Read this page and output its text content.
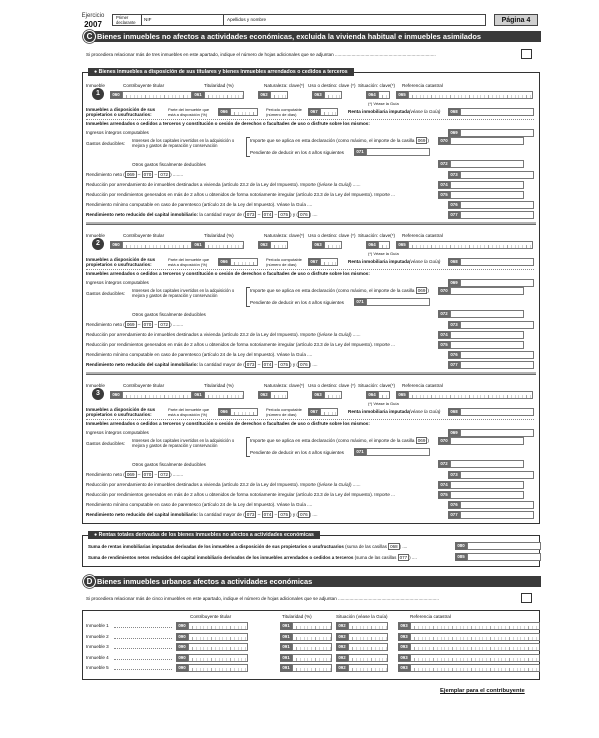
Ejercicio
2007
Primer declarante
NIF	Apellidos y nombre	Página 4
Bienes inmuebles no afectos a actividades económicas, excluida la vivienda habitual e inmuebles asimilados
C
Si procediera relacionar más de tres inmuebles en este apartado, indique el número de hojas adicionales que se adjuntan ...............................................................................
● Bienes inmuebles a disposición de sus titulares y bienes inmuebles arrendados o cedidos a terceros
Inmueble	Contribuyente titular	Titularidad (%)	Naturaleza: clave(*) Uso o destino: clave (*) Situación: clave(*) Referencia catastral
1	060	061	062	063	064	065
(*) Véase la Guía
Inmuebles a disposición de sus propietarios o usufructuarios:
Parte del inmueble que está a disposición (%)
066	Período computable (número de días)
067	Renta inmobiliaria imputada (véase la Guía)	068
Inmuebles arrendados o cedidos a terceros y constitución o cesión de derechos o facultades de uso o disfrute sobre los mismos:
Ingresos íntegros computables	069
Gastos deducibles:
Intereses de los capitales invertidos en la adquisición o mejora y gastos de reparación y conservación
Importe que se aplica en esta declaración (como máximo, el importe de la casilla 069 )	070
Pendiente de deducir en los 4 años siguientes	071
Otros gastos fiscalmente deducibles	072
Rendimiento neto ( 069 – 070 – 072 ) ........	073
Reducción por arrendamiento de inmuebles destinados a vivienda (artículo 23.2 de la Ley del Impuesto). Importe ((véase la Guía)) ......	074
Reducción por rendimientos generados en más de 2 años u obtenidos de forma notoriamente irregular (artículo 23.3 de la Ley del Impuesto). Importe ...	075
Rendimiento mínimo computable en caso de parentesco (artículo 24 de la Ley del Impuesto). Véase la Guía ....	076
Rendimiento neto reducido del capital inmobiliario: la cantidad mayor de ( 073 – 074 – 075 ) y ( 076 ) ....	077
Inmueble	Contribuyente titular	Titularidad (%)	Naturaleza: clave(*) Uso o destino: clave (*) Situación: clave(*) Referencia catastral
2	060	061	062	063	064	065
(*) Véase la Guía
Inmuebles a disposición de sus propietarios o usufructuarios:
Parte del inmueble que está a disposición (%)
066	Período computable (número de días)
067	Renta inmobiliaria imputada (véase la Guía)	068
Inmuebles arrendados o cedidos a terceros y constitución o cesión de derechos o facultades de uso o disfrute sobre los mismos:
Ingresos íntegros computables	069
Gastos deducibles:
Intereses de los capitales invertidos en la adquisición o mejora y gastos de reparación y conservación
Importe que se aplica en esta declaración (como máximo, el importe de la casilla 069 )	070
Pendiente de deducir en los 4 años siguientes	071
Otros gastos fiscalmente deducibles	072
Rendimiento neto ( 069 – 070 – 072 ) ........	073
Reducción por arrendamiento de inmuebles destinados a vivienda (artículo 23.2 de la Ley del Impuesto). Importe ((véase la Guía)) ......	074
Reducción por rendimientos generados en más de 2 años u obtenidos de forma notoriamente irregular (artículo 23.3 de la Ley del Impuesto). Importe ...	075
Rendimiento mínimo computable en caso de parentesco (artículo 24 de la Ley del Impuesto). Véase la Guía ....	076
Rendimiento neto reducido del capital inmobiliario: la cantidad mayor de ( 073 – 074 – 075 ) y ( 076 ) ....	077
Inmueble	Contribuyente titular	Titularidad (%)	Naturaleza: clave(*) Uso o destino: clave (*) Situación: clave(*) Referencia catastral
3	060	061	062	063	064	065
(*) Véase la Guía
Inmuebles a disposición de sus propietarios o usufructuarios:
Parte del inmueble que está a disposición (%)
066	Período computable (número de días)
067	Renta inmobiliaria imputada (véase la Guía)	068
Inmuebles arrendados o cedidos a terceros y constitución o cesión de derechos o facultades de uso o disfrute sobre los mismos:
Ingresos íntegros computables	069
Gastos deducibles:
Intereses de los capitales invertidos en la adquisición o mejora y gastos de reparación y conservación
Importe que se aplica en esta declaración (como máximo, el importe de la casilla 069 )	070
Pendiente de deducir en los 4 años siguientes	071
Otros gastos fiscalmente deducibles	072
Rendimiento neto ( 069 – 070 – 072 ) ........	073
Reducción por arrendamiento de inmuebles destinados a vivienda (artículo 23.2 de la Ley del Impuesto). Importe ((véase la Guía)) ......	074
Reducción por rendimientos generados en más de 2 años u obtenidos de forma notoriamente irregular (artículo 23.3 de la Ley del Impuesto). Importe ...	075
Rendimiento mínimo computable en caso de parentesco (artículo 24 de la Ley del Impuesto). Véase la Guía ....	076
Rendimiento neto reducido del capital inmobiliario: la cantidad mayor de ( 073 – 074 – 075 ) y ( 076 ) ....	077
● Rentas totales derivadas de los bienes inmuebles no afectos a actividades económicas
Suma de rentas inmobiliarias imputadas derivadas de los inmuebles a disposición de sus propietarios o usufructuarios (suma de las casillas 068 ) ....	080
Suma de rendimientos netos reducidos del capital inmobiliario derivados de los inmuebles arrendados o cedidos a terceros (suma de las casillas 077 ) ....	085
Bienes inmuebles urbanos afectos a actividades económicas
D
Si procediera relacionar más de cinco inmuebles en este apartado, indique el número de hojas adicionales que se adjuntan ...............................................................................
Contribuyente titular	Titularidad (%)	Situación (véase la Guía)	Referencia catastral
Inmueble 1	090	091	092	093
Inmueble 2	090	091	092	093
Inmueble 3	090	091	092	093
Inmueble 4	090	091	092	093
Inmueble 5	090	091	092	093
Ejemplar para el contribuyente
